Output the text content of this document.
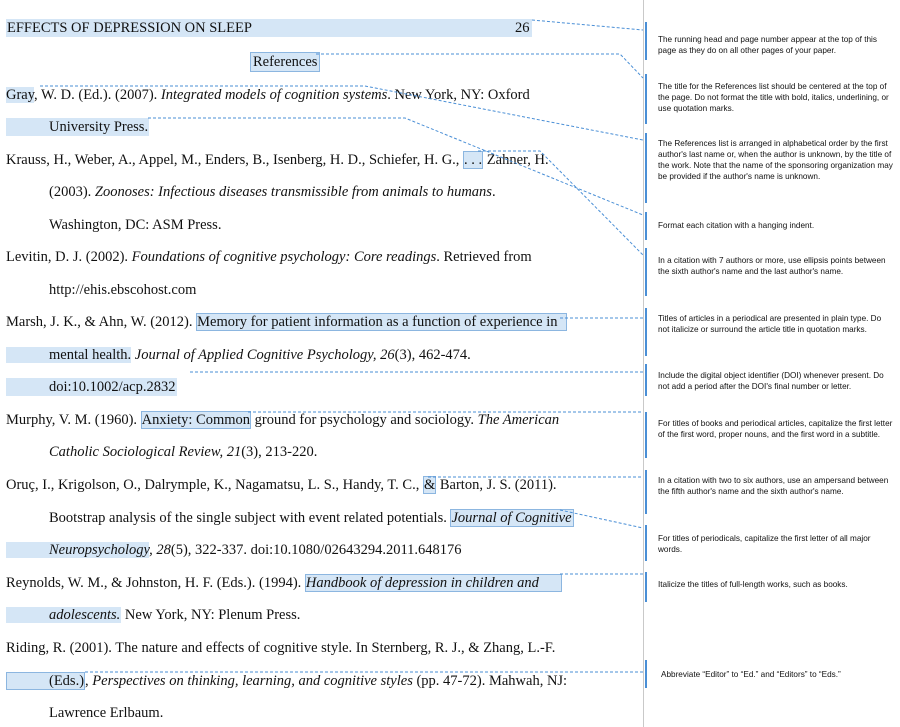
EFFECTS OF DEPRESSION ON SLEEP	26
References
Gray, W. D. (Ed.). (2007). Integrated models of cognition systems. New York, NY: Oxford
University Press.
Krauss, H., Weber, A., Appel, M., Enders, B., Isenberg, H. D., Schiefer, H. G., . . . Zahner, H.
(2003). Zoonoses: Infectious diseases transmissible from animals to humans.
Washington, DC: ASM Press.
Levitin, D. J. (2002). Foundations of cognitive psychology: Core readings. Retrieved from
http://ehis.ebscohost.com
Marsh, J. K., & Ahn, W. (2012). Memory for patient information as a function of experience in
mental health. Journal of Applied Cognitive Psychology, 26(3), 462-474.
doi:10.1002/acp.2832
Murphy, V. M. (1960). Anxiety: Common ground for psychology and sociology. The American
Catholic Sociological Review, 21(3), 213-220.
Oruç, I., Krigolson, O., Dalrymple, K., Nagamatsu, L. S., Handy, T. C., & Barton, J. S. (2011).
Bootstrap analysis of the single subject with event related potentials. Journal of Cognitive
Neuropsychology, 28(5), 322-337. doi:10.1080/02643294.2011.648176
Reynolds, W. M., & Johnston, H. F. (Eds.). (1994). Handbook of depression in children and
adolescents. New York, NY: Plenum Press.
Riding, R. (2001). The nature and effects of cognitive style. In Sternberg, R. J., & Zhang, L.-F.
(Eds.), Perspectives on thinking, learning, and cognitive styles (pp. 47-72). Mahwah, NJ:
Lawrence Erlbaum.
The running head and page number appear at the top of this page as they do on all other pages of your paper.
The title for the References list should be centered at the top of the page. Do not format the title with bold, italics, underlining, or use quotation marks.
The References list is arranged in alphabetical order by the first author's last name or, when the author is unknown, by the title of the work. Note that the name of the sponsoring organization may be provided if the author's name is unknown.
Format each citation with a hanging indent.
In a citation with 7 authors or more, use ellipsis points between the sixth author's name and the last author's name.
Titles of articles in a periodical are presented in plain type. Do not italicize or surround the article title in quotation marks.
Include the digital object identifier (DOI) whenever present. Do not add a period after the DOI's final number or letter.
For titles of books and periodical articles, capitalize the first letter of the first word, proper nouns, and the first word in a subtitle.
In a citation with two to six authors, use an ampersand between the fifth author's name and the sixth author's name.
For titles of periodicals, capitalize the first letter of all major words.
Italicize the titles of full-length works, such as books.
Abbreviate “Editor” to “Ed.” and “Editors” to “Eds.”
